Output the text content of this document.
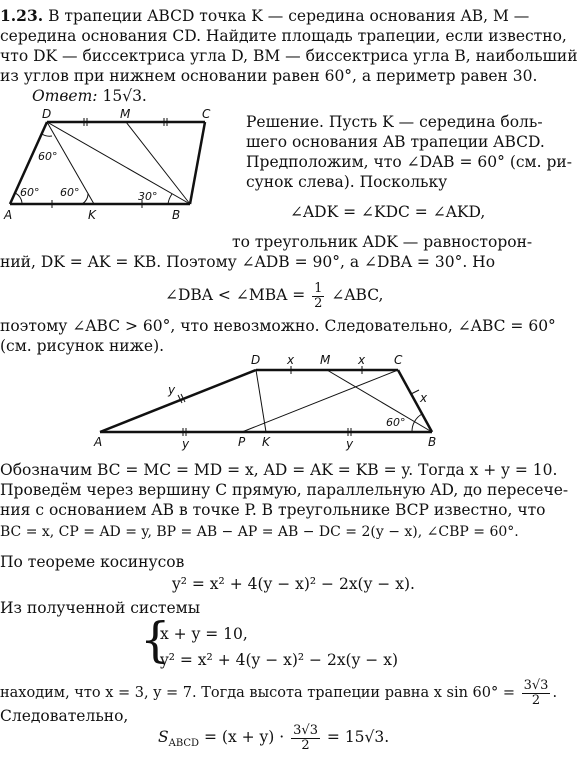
1.23. В трапеции ABCD точка K — середина основания AB, M —
середина основания CD. Найдите площадь трапеции, если известно,
что DK — биссектриса угла D, BM — биссектриса угла B, наибольший
из углов при нижнем основании равен 60°, а периметр равен 30.
Ответ: 15√3.
D	M	C
A	K	B
60°
60° 60°	30°
Решение. Пусть K — середина боль-
шего основания AB трапеции ABCD.
Предположим, что ∠DAB = 60° (см. ри-
сунок слева). Поскольку
∠ADK = ∠KDC = ∠AKD,
то треугольник ADK — равносторон-
ний, DK = AK = KB. Поэтому ∠ADB = 90°, а ∠DBA = 30°. Но
∠DBA < ∠MBA = $\frac{1}{2}$ ∠ABC,
поэтому ∠ABC > 60°, что невозможно. Следовательно, ∠ABC = 60°
(см. рисунок ниже).
D x M x C
x
y
A	y	P K	y	B
60°
Обозначим BC = MC = MD = x, AD = AK = KB = y. Тогда x + y = 10.
Проведём через вершину C прямую, параллельную AD, до пересече-
ния с основанием AB в точке P. В треугольнике BCP известно, что
BC = x, CP = AD = y, BP = AB − AP = AB − DC = 2(y − x), ∠CBP = 60°.
По теореме косинусов
y² = x² + 4(y − x)² − 2x(y − x).
Из полученной системы
{
x + y = 10,
y² = x² + 4(y − x)² − 2x(y − x)
находим, что x = 3, y = 7. Тогда высота трапеции равна x $\sin 60^\circ = \frac{3√3}{2}$ .
Следовательно,
$S_{ABCD} = (x + y) \cdot \frac{3√3}{2} = 15√3$.
